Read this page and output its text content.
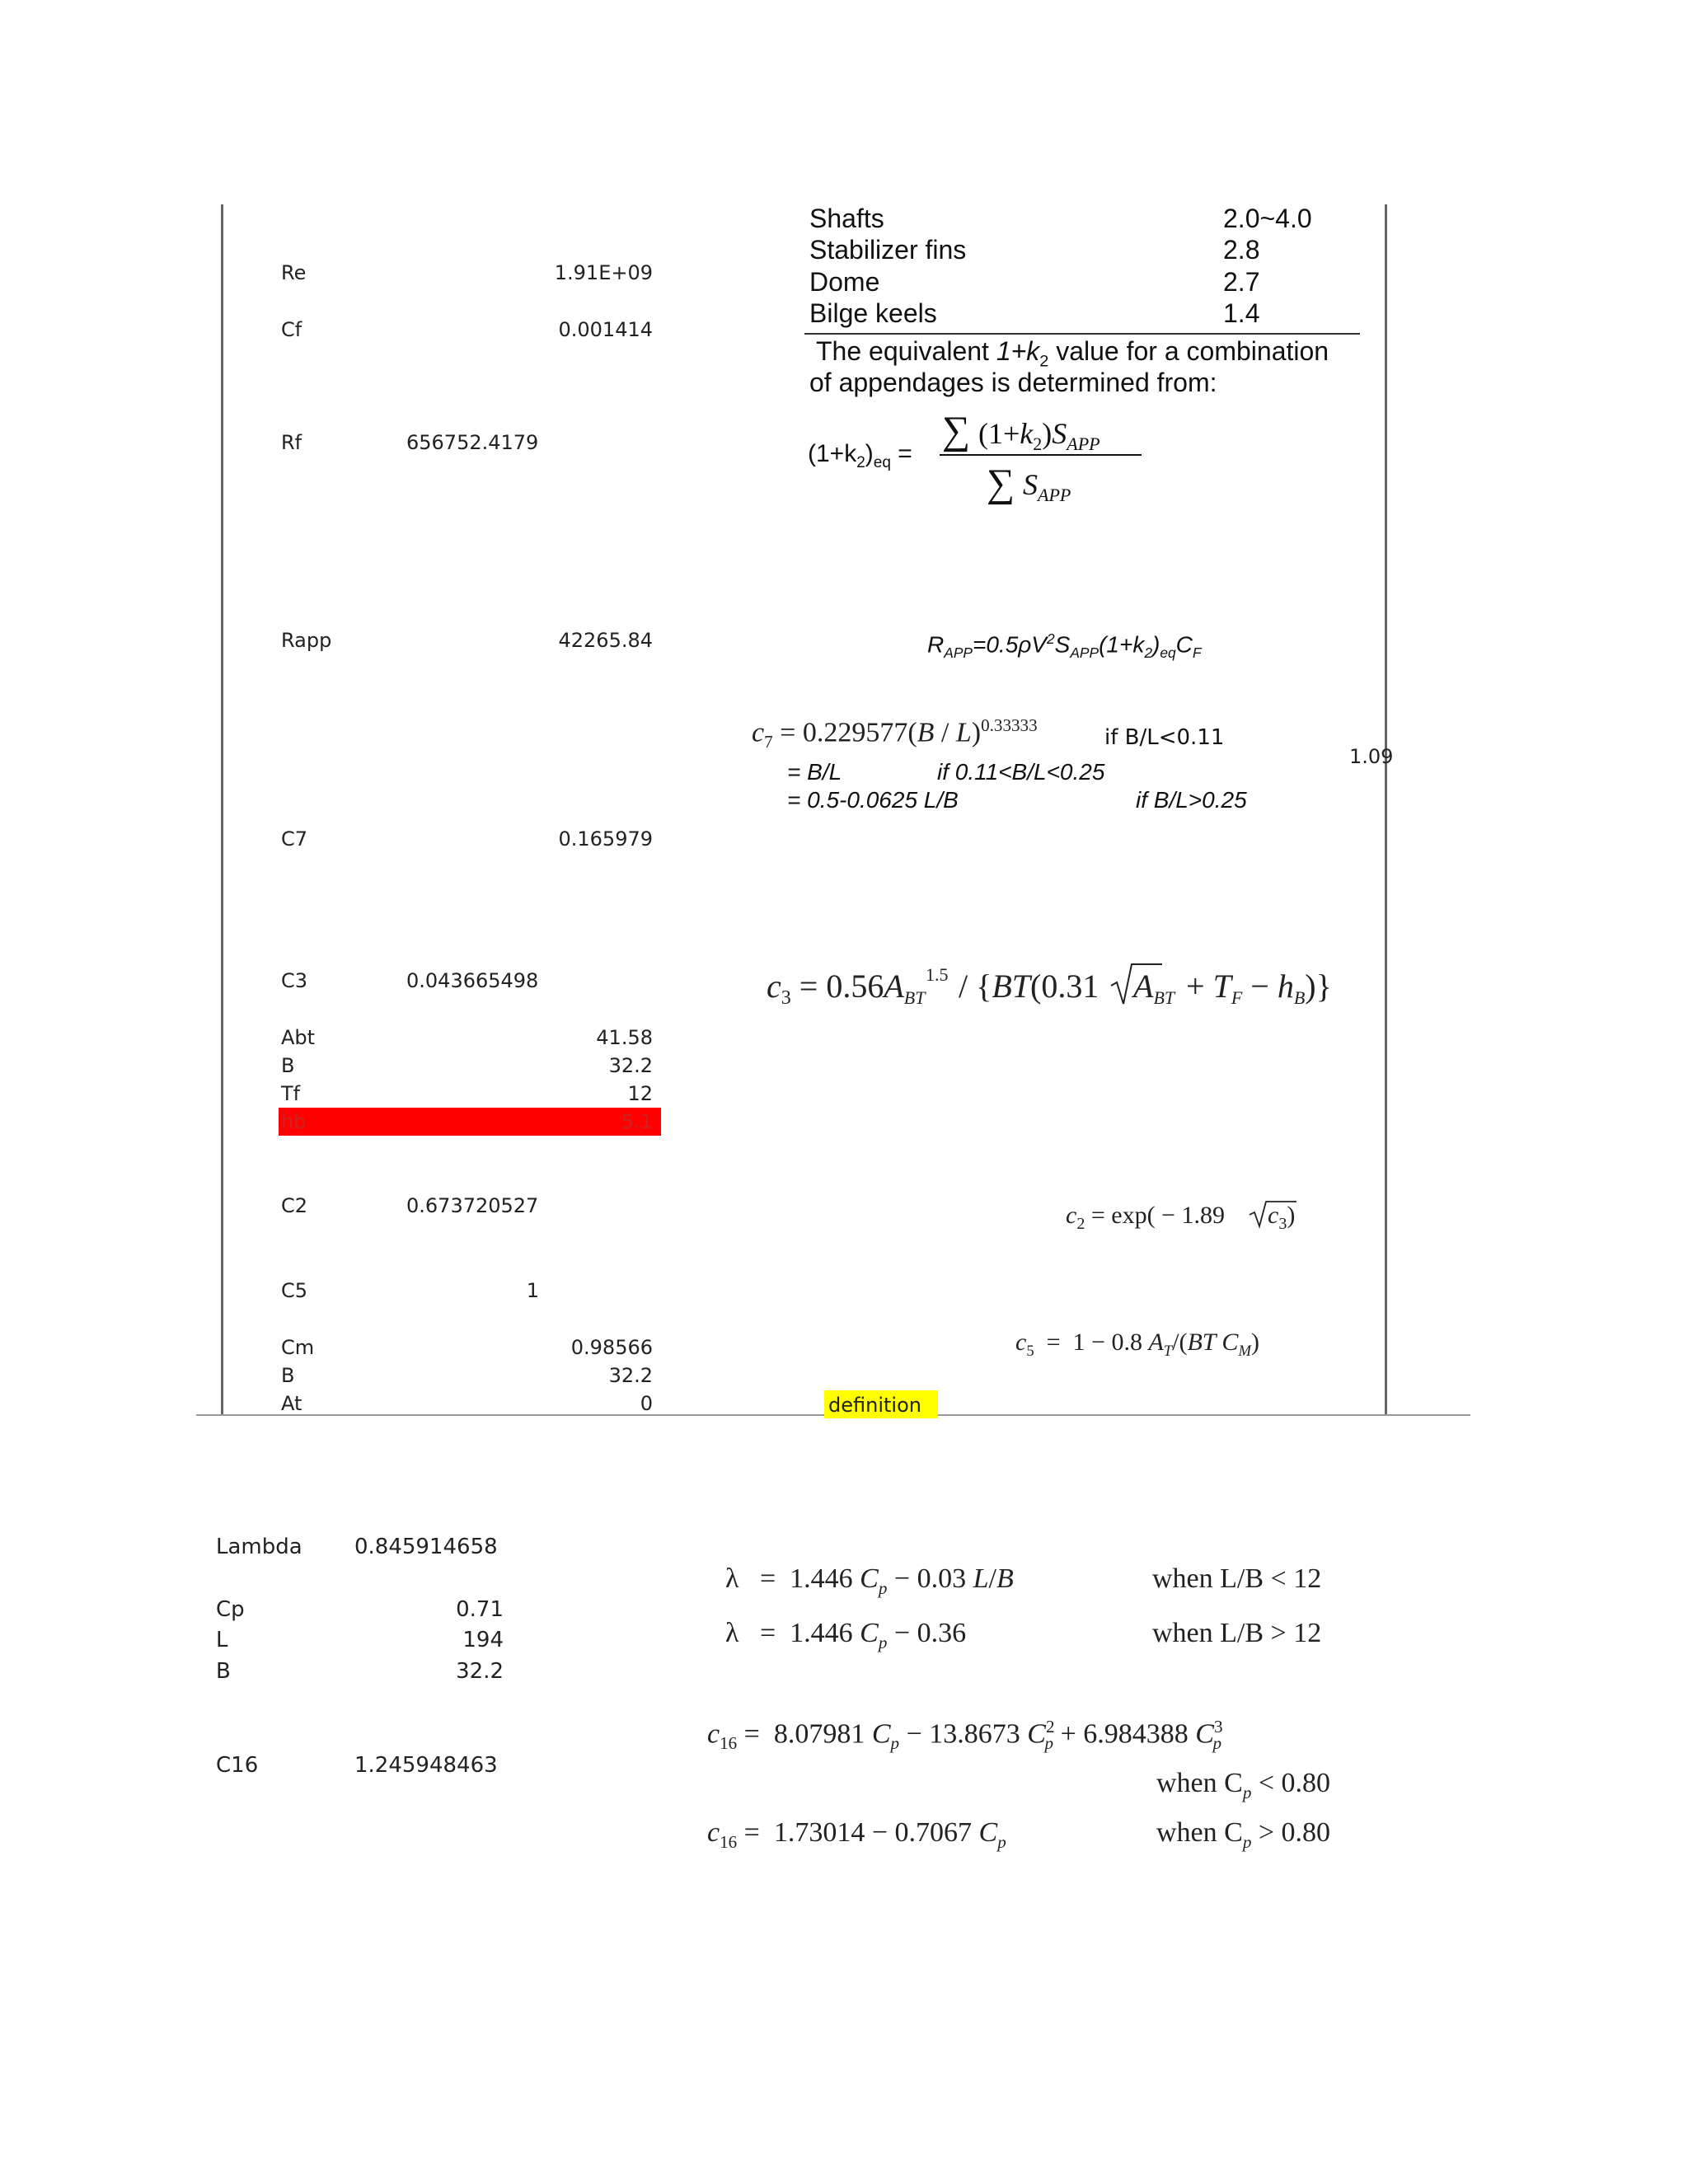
Re	1.91E+09
Cf	0.001414
Rf	656752.4179
Rapp	42265.84
C7	0.165979
C3	0.043665498
Abt	41.58
B	32.2
Tf	12
hb	5.1
C2	0.673720527
C5	1
Cm	0.98566
B	32.2
At	0
Shafts	2.0~4.0
Stabilizer fins	2.8
Dome	2.7
Bilge keels	1.4
The equivalent $1+k_2$ value for a combination
of appendages is determined from:
$(1+k_2)_{eq}$ =
∑ $(1+k_2)S_{APP}$
∑ $S_{APP}$
$R_{APP}=0.5\rho V^2S_{APP}(1+k_2)_{eq}C_F$
$c_7 = 0.229577(B / L)^{0.33333}$	if B/L<0.11
= B/L	if 0.11<B/L<0.25
= 0.5-0.0625 L/B	if B/L>0.25
1.09
$c_3 = 0.56A_{BT}$
1.5 / {BT(0.31 $A_{BT} + T_F - h_B$)}
$c_2 = \exp( - 1.89$ $c_3$)
$c_5 = 1 - 0.8$ $A_T/(BT$ $C_M$)
definition
Lambda 0.845914658
Cp	0.71
L	194
B	32.2
C16	1.245948463
λ   =  1.446 $C_p - 0.03$ L/B	when L/B < 12
λ   =  1.446 $C_p - 0.36$	when L/B > 12
$c_{16} = 8.07981$ $C_p - 13.8673$ $C^2_p + 6.984388$ $C^3_p$
when $C_p < 0.80$
$c_{16} = 1.73014 - 0.7067$ $C_p$	when $C_p > 0.80$
